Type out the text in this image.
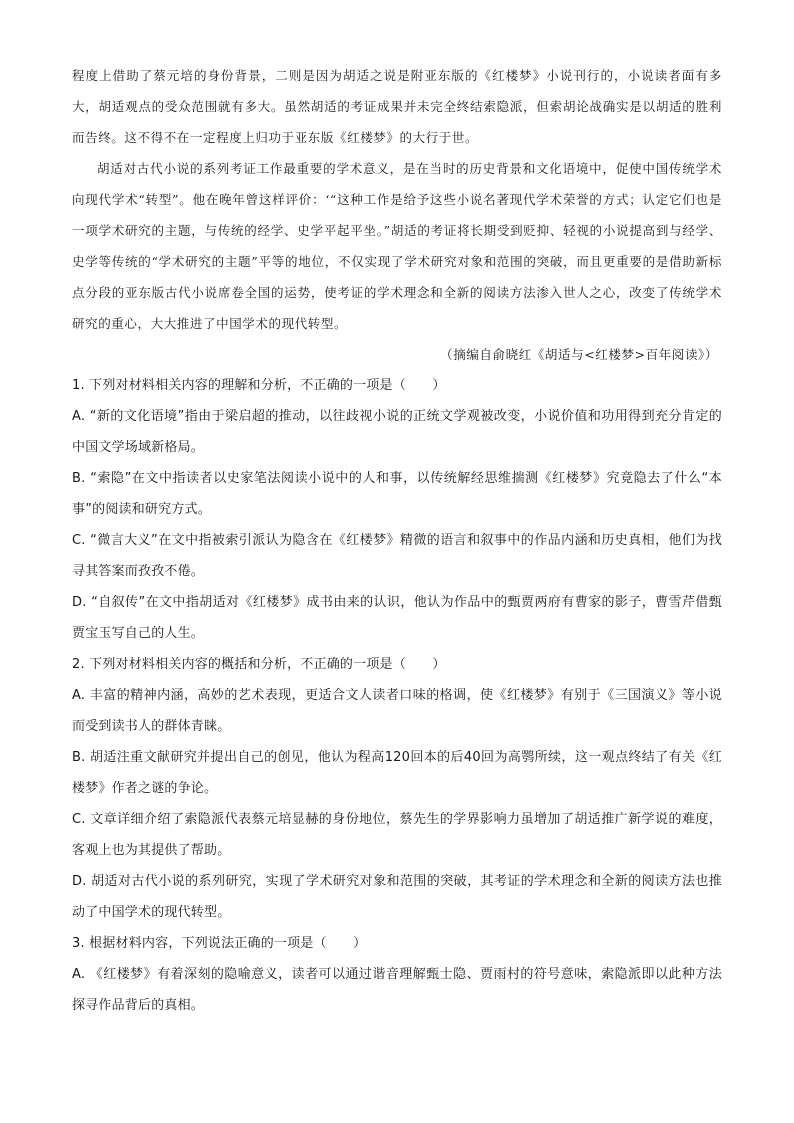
程度上借助了蔡元培的身份背景，二则是因为胡适之说是附亚东版的《红楼梦》小说刊行的，小说读者面有多大，胡适观点的受众范围就有多大。虽然胡适的考证成果并未完全终结索隐派，但索胡论战确实是以胡适的胜利而告终。这不得不在一定程度上归功于亚东版《红楼梦》的大行于世。

胡适对古代小说的系列考证工作最重要的学术意义，是在当时的历史背景和文化语境中，促使中国传统学术向现代学术“转型”。他在晚年曾这样评价：‘“这种工作是给予这些小说名著现代学术荣誉的方式；认定它们也是一项学术研究的主题，与传统的经学、史学平起平坐。”胡适的考证将长期受到贬抑、轻视的小说提高到与经学、史学等传统的“学术研究的主题”平等的地位，不仅实现了学术研究对象和范围的突破，而且更重要的是借助新标点分段的亚东版古代小说席卷全国的运势，使考证的学术理念和全新的阅读方法渗入世人之心，改变了传统学术研究的重心，大大推进了中国学术的现代转型。

（摘编自俞晓红《胡适与<红楼梦>百年阅读》）

1. 下列对材料相关内容的理解和分析，不正确的一项是（　　）

A. “新的文化语境”指由于梁启超的推动，以往歧视小说的正统文学观被改变，小说价值和功用得到充分肯定的中国文学场域新格局。

B. “索隐”在文中指读者以史家笔法阅读小说中的人和事，以传统解经思维揣测《红楼梦》究竟隐去了什么“本事”的阅读和研究方式。

C. “微言大义”在文中指被索引派认为隐含在《红楼梦》精微的语言和叙事中的作品内涵和历史真相，他们为找寻其答案而孜孜不倦。

D. “自叙传”在文中指胡适对《红楼梦》成书由来的认识，他认为作品中的甄贾两府有曹家的影子，曹雪芹借甄贾宝玉写自己的人生。

2. 下列对材料相关内容的概括和分析，不正确的一项是（　　）

A. 丰富的精神内涵，高妙的艺术表现，更适合文人读者口味的格调，使《红楼梦》有别于《三国演义》等小说而受到读书人的群体青睐。

B. 胡适注重文献研究并提出自己的创见，他认为程高120回本的后40回为高鹗所续，这一观点终结了有关《红楼梦》作者之谜的争论。

C. 文章详细介绍了索隐派代表蔡元培显赫的身份地位，蔡先生的学界影响力虽增加了胡适推广新学说的难度，客观上也为其提供了帮助。

D. 胡适对古代小说的系列研究，实现了学术研究对象和范围的突破，其考证的学术理念和全新的阅读方法也推动了中国学术的现代转型。

3. 根据材料内容，下列说法正确的一项是（　　）

A. 《红楼梦》有着深刻的隐喻意义，读者可以通过谐音理解甄士隐、贾雨村的符号意味，索隐派即以此种方法探寻作品背后的真相。
